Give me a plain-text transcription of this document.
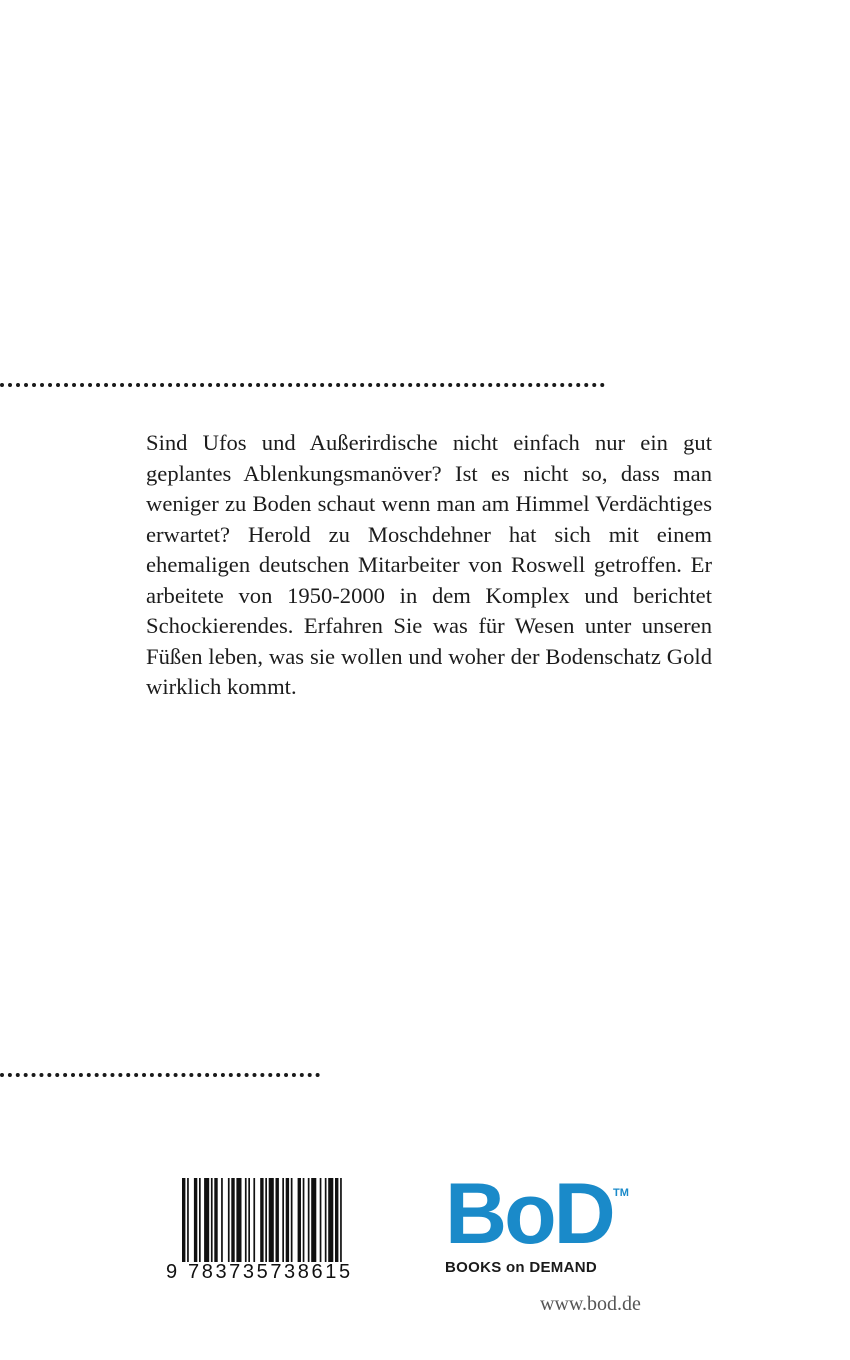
Sind Ufos und Außerirdische nicht einfach nur ein gut geplantes Ablenkungsmanöver? Ist es nicht so, dass man weniger zu Boden schaut wenn man am Himmel Verdächtiges erwartet? Herold zu Moschdehner hat sich mit einem ehemaligen deutschen Mitarbeiter von Roswell getroffen. Er arbeitete von 1950-2000 in dem Komplex und berichtet Schockierendes. Erfahren Sie was für Wesen unter unseren Füßen leben, was sie wollen und woher der Bodenschatz Gold wirklich kommt.

9 783735738615
BoD TM
BOOKS on DEMAND
www.bod.de
